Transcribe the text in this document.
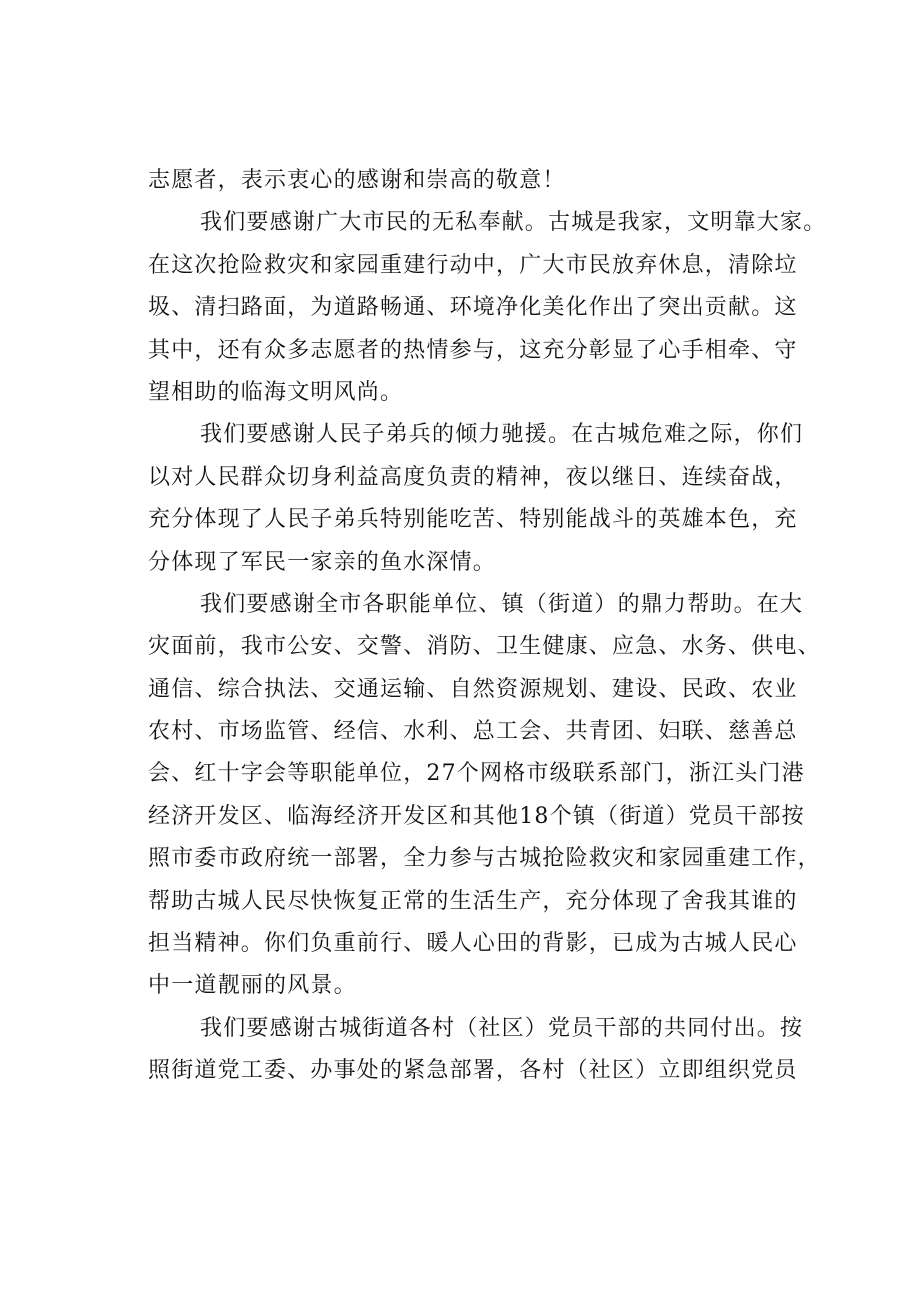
志愿者，表示衷心的感谢和崇高的敬意！
我们要感谢广大市民的无私奉献。古城是我家，文明靠大家。
在这次抢险救灾和家园重建行动中，广大市民放弃休息，清除垃
圾、清扫路面，为道路畅通、环境净化美化作出了突出贡献。这
其中，还有众多志愿者的热情参与，这充分彰显了心手相牵、守
望相助的临海文明风尚。
我们要感谢人民子弟兵的倾力驰援。在古城危难之际，你们
以对人民群众切身利益高度负责的精神，夜以继日、连续奋战，
充分体现了人民子弟兵特别能吃苦、特别能战斗的英雄本色，充
分体现了军民一家亲的鱼水深情。
我们要感谢全市各职能单位、镇（街道）的鼎力帮助。在大
灾面前，我市公安、交警、消防、卫生健康、应急、水务、供电、
通信、综合执法、交通运输、自然资源规划、建设、民政、农业
农村、市场监管、经信、水利、总工会、共青团、妇联、慈善总
会、红十字会等职能单位，27个网格市级联系部门，浙江头门港
经济开发区、临海经济开发区和其他18个镇（街道）党员干部按
照市委市政府统一部署，全力参与古城抢险救灾和家园重建工作，
帮助古城人民尽快恢复正常的生活生产，充分体现了舍我其谁的
担当精神。你们负重前行、暖人心田的背影，已成为古城人民心
中一道靓丽的风景。
我们要感谢古城街道各村（社区）党员干部的共同付出。按
照街道党工委、办事处的紧急部署，各村（社区）立即组织党员
